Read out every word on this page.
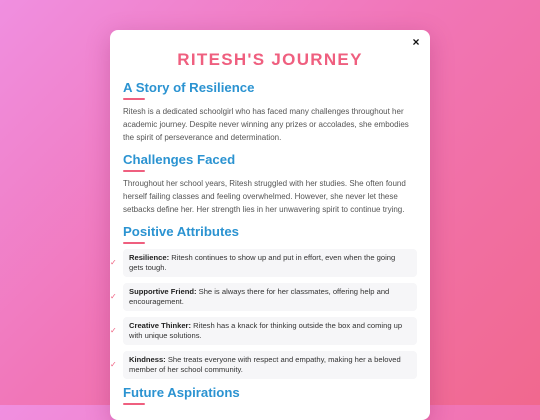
×
RITESH'S JOURNEY
A Story of Resilience

Ritesh is a dedicated schoolgirl who has faced many challenges throughout her academic journey. Despite never winning any prizes or accolades, she embodies the spirit of perseverance and determination.

Challenges Faced

Throughout her school years, Ritesh struggled with her studies. She often found herself failing classes and feeling overwhelmed. However, she never let these setbacks define her. Her strength lies in her unwavering spirit to continue trying.

Positive Attributes
✓
Resilience: Ritesh continues to show up and put in effort, even when the going gets tough.
✓
Supportive Friend: She is always there for her classmates, offering help and encouragement.
✓
Creative Thinker: Ritesh has a knack for thinking outside the box and coming up with unique solutions.
✓
Kindness: She treats everyone with respect and empathy, making her a beloved member of her school community.
Future Aspirations
